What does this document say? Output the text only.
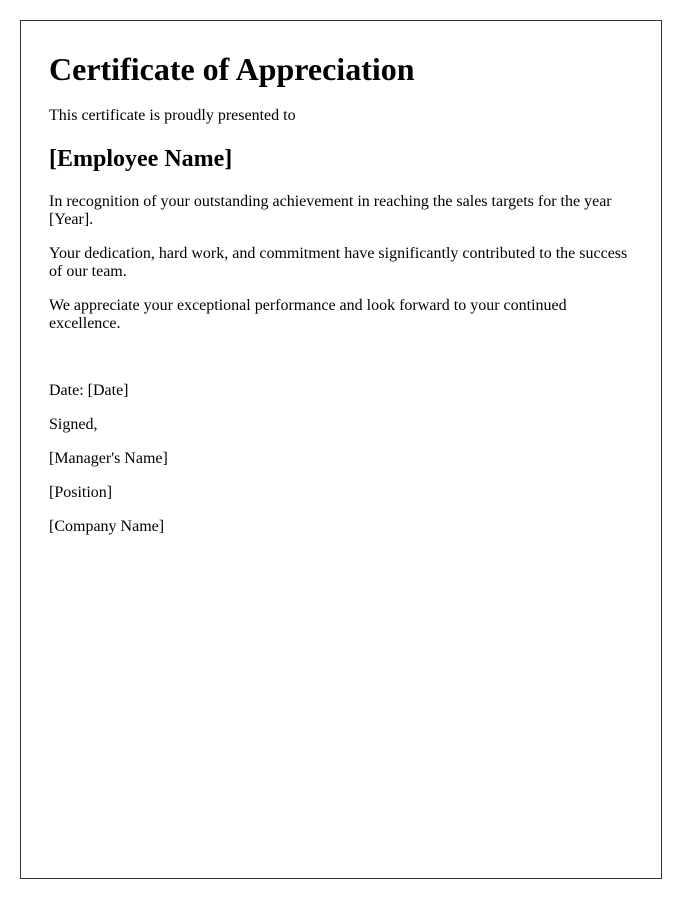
Certificate of Appreciation

This certificate is proudly presented to

[Employee Name]

In recognition of your outstanding achievement in reaching the sales targets for the year [Year].

Your dedication, hard work, and commitment have significantly contributed to the success of our team.

We appreciate your exceptional performance and look forward to your continued excellence.

Date: [Date]

Signed,

[Manager's Name]

[Position]

[Company Name]
